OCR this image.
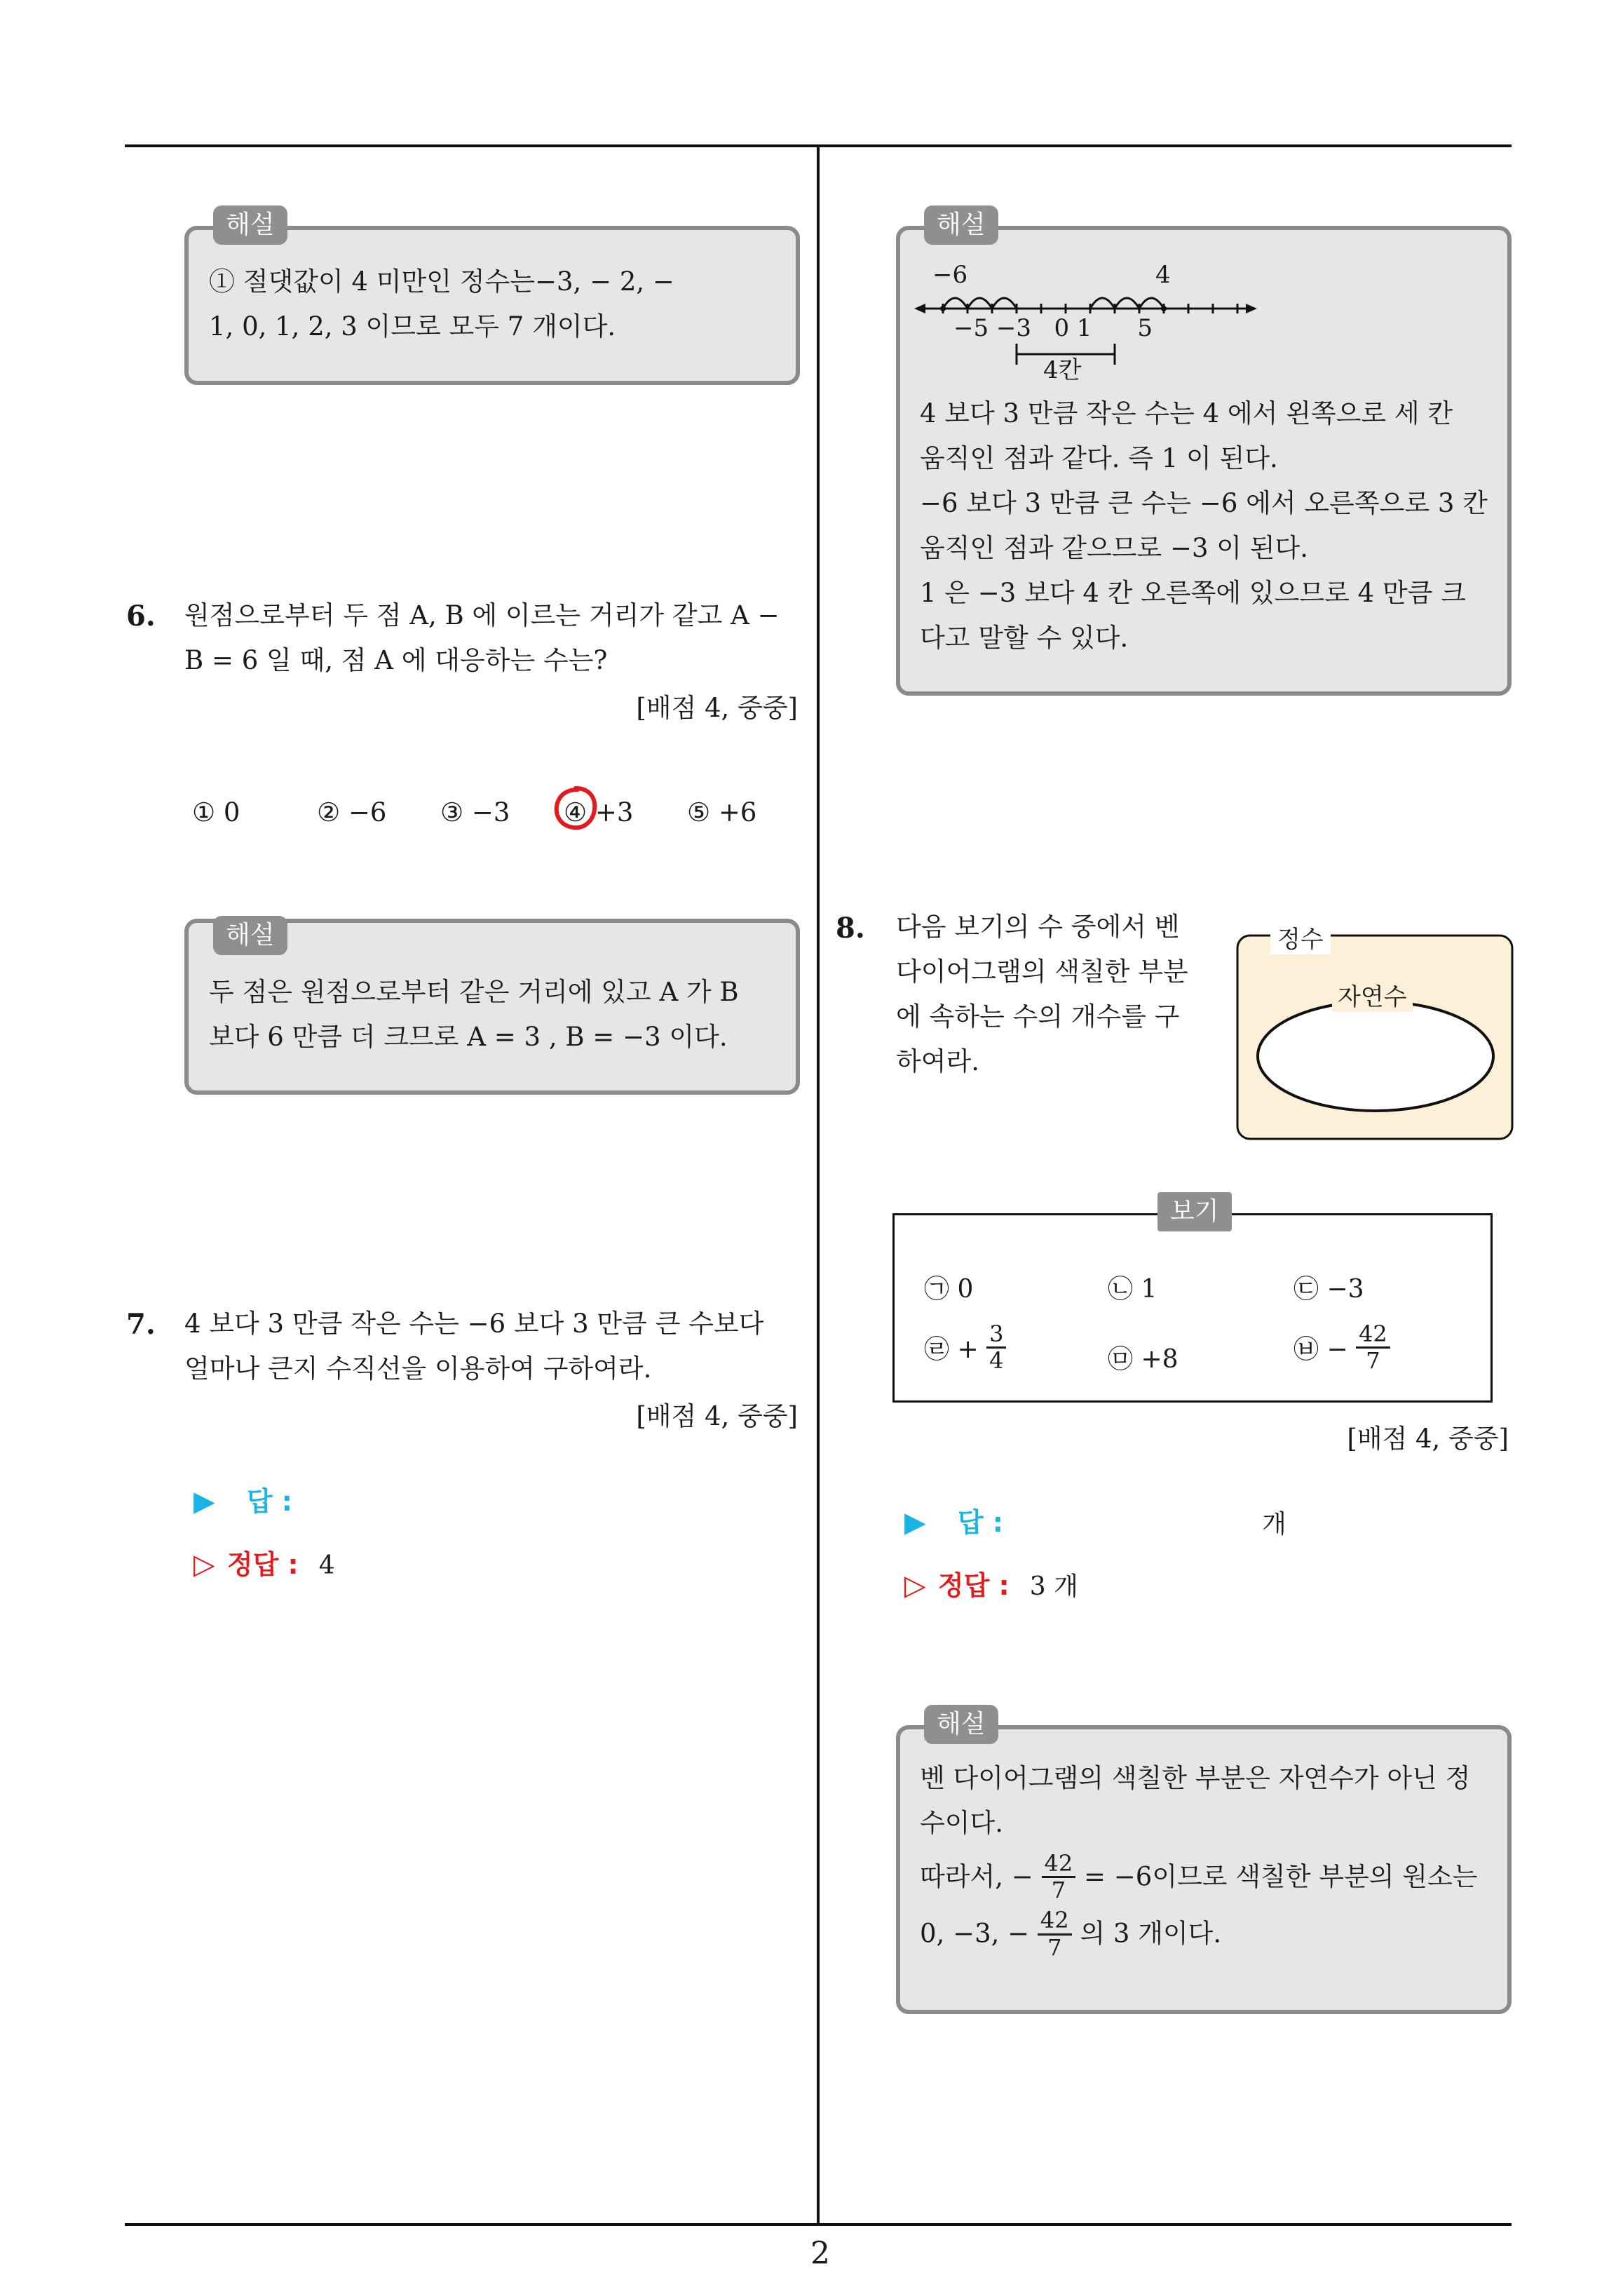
2
해설
① 절댓값이 4 미만인 정수는−3, − 2, −
1, 0, 1, 2, 3 이므로 모두 7 개이다.
6. 원점으로부터 두 점 A, B 에 이르는 거리가 같고 A −
B = 6 일 때, 점 A 에 대응하는 수는?
[배점 4, 중중]
① 0	② −6 ③ −3 ④ +3 ⑤ +6
해설
두 점은 원점으로부터 같은 거리에 있고 A 가 B
보다 6 만큼 더 크므로 A = 3 , B = −3 이다.
7. 4 보다 3 만큼 작은 수는 −6 보다 3 만큼 큰 수보다
얼마나 큰지 수직선을 이용하여 구하여라.
[배점 4, 중중]
▶ 답 :
▷ 정답 : 4
해설
−6	4
−5 −3   0 1      5
4칸
4 보다 3 만큼 작은 수는 4 에서 왼쪽으로 세 칸
움직인 점과 같다. 즉 1 이 된다.
−6 보다 3 만큼 큰 수는 −6 에서 오른쪽으로 3 칸
움직인 점과 같으므로 −3 이 된다.
1 은 −3 보다 4 칸 오른쪽에 있으므로 4 만큼 크
다고 말할 수 있다.
8. 다음 보기의 수 중에서 벤
다이어그램의 색칠한 부분
에 속하는 수의 개수를 구
하여라.
정수
자연수
보기
㉠ 0	㉡ 1	㉢ −3
㉣ + $\frac{3}{4}$	㉤ +8	㉥ − $\frac{42}{7}$
[배점 4, 중중]
▶ 답 :	개
▷ 정답 : 3 개
해설
벤 다이어그램의 색칠한 부분은 자연수가 아닌 정
수이다.
따라서, − $\frac{42}{7} = -6$이므로 색칠한 부분의 원소는
0, −3, − $\frac{42}{7}$ 의 3 개이다.
